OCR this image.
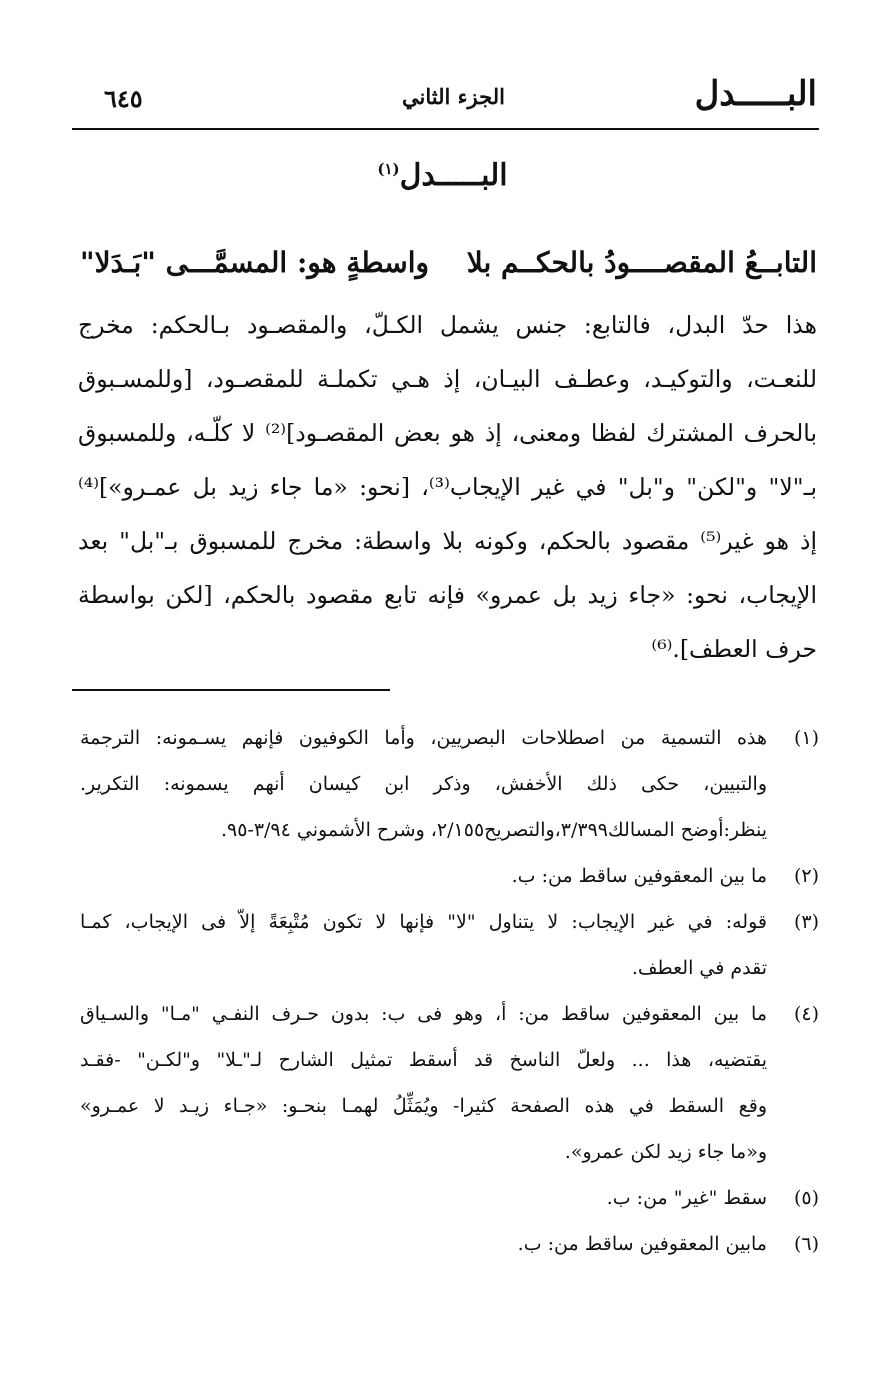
البـــــدل
الجزء الثاني
٦٤٥
البـــــدل$^{(١)}$
التابــعُ المقصــــودُ بالحكــم بلا
واسطةٍ هو: المسمَّـــى "بَـدَلا"
هذا حدّ البدل، فالتابع: جنس يشمل الكـلّ، والمقصـود بـالحكم: مخرج
للنعـت، والتوكيـد، وعطـف البيـان، إذ هـي تكملـة للمقصـود، [وللمسـبوق
بالحرف المشترك لفظا ومعنى، إذ هو بعض المقصـود]⁽²⁾ لا كلّـه، وللمسبوق
بـ"لا" و"لكن" و"بل" في غير الإيجاب⁽³⁾، [نحو: «ما جاء زيد بل عمـرو»]⁽⁴⁾
إذ هو غير⁽⁵⁾ مقصود بالحكم، وكونه بلا واسطة: مخرج للمسبوق بـ"بل" بعد
الإيجاب، نحو: «جاء زيد بل عمرو» فإنه تابع مقصود بالحكم، [لكن بواسطة
حرف العطف].⁽⁶⁾
(١)
هذه التسمية من اصطلاحات البصريين، وأما الكوفيون فإنهم يسـمونه: الترجمة
والتبيين، حكى ذلك الأخفش، وذكر ابن كيسان أنهم يسمونه: التكرير.
ينظر:أوضح المسالك٣/٣٩٩،والتصريح٢/١٥٥، وشرح الأشموني ٣/٩٤-٩٥.
(٢)
ما بين المعقوفين ساقط من: ب.
(٣)
قوله: في غير الإيجاب: لا يتناول "لا" فإنها لا تكون مُتْبِعَةً إلاّ فى الإيجاب، كمـا
تقدم في العطف.
(٤)
ما بين المعقوفين ساقط من: أ، وهو فى ب: بدون حـرف النفـي "مـا" والسـياق
يقتضيه، هذا ... ولعلّ الناسخ قد أسقط تمثيل الشارح لـ"ـلا" و"لكـن" -فقـد
وقع السقط في هذه الصفحة كثيرا- ويُمَثِّلُ لهمـا بنحـو: «جـاء زيـد لا عمـرو»
و«ما جاء زيد لكن عمرو».
(٥)
سقط "غير" من: ب.
(٦)
مابين المعقوفين ساقط من: ب.
